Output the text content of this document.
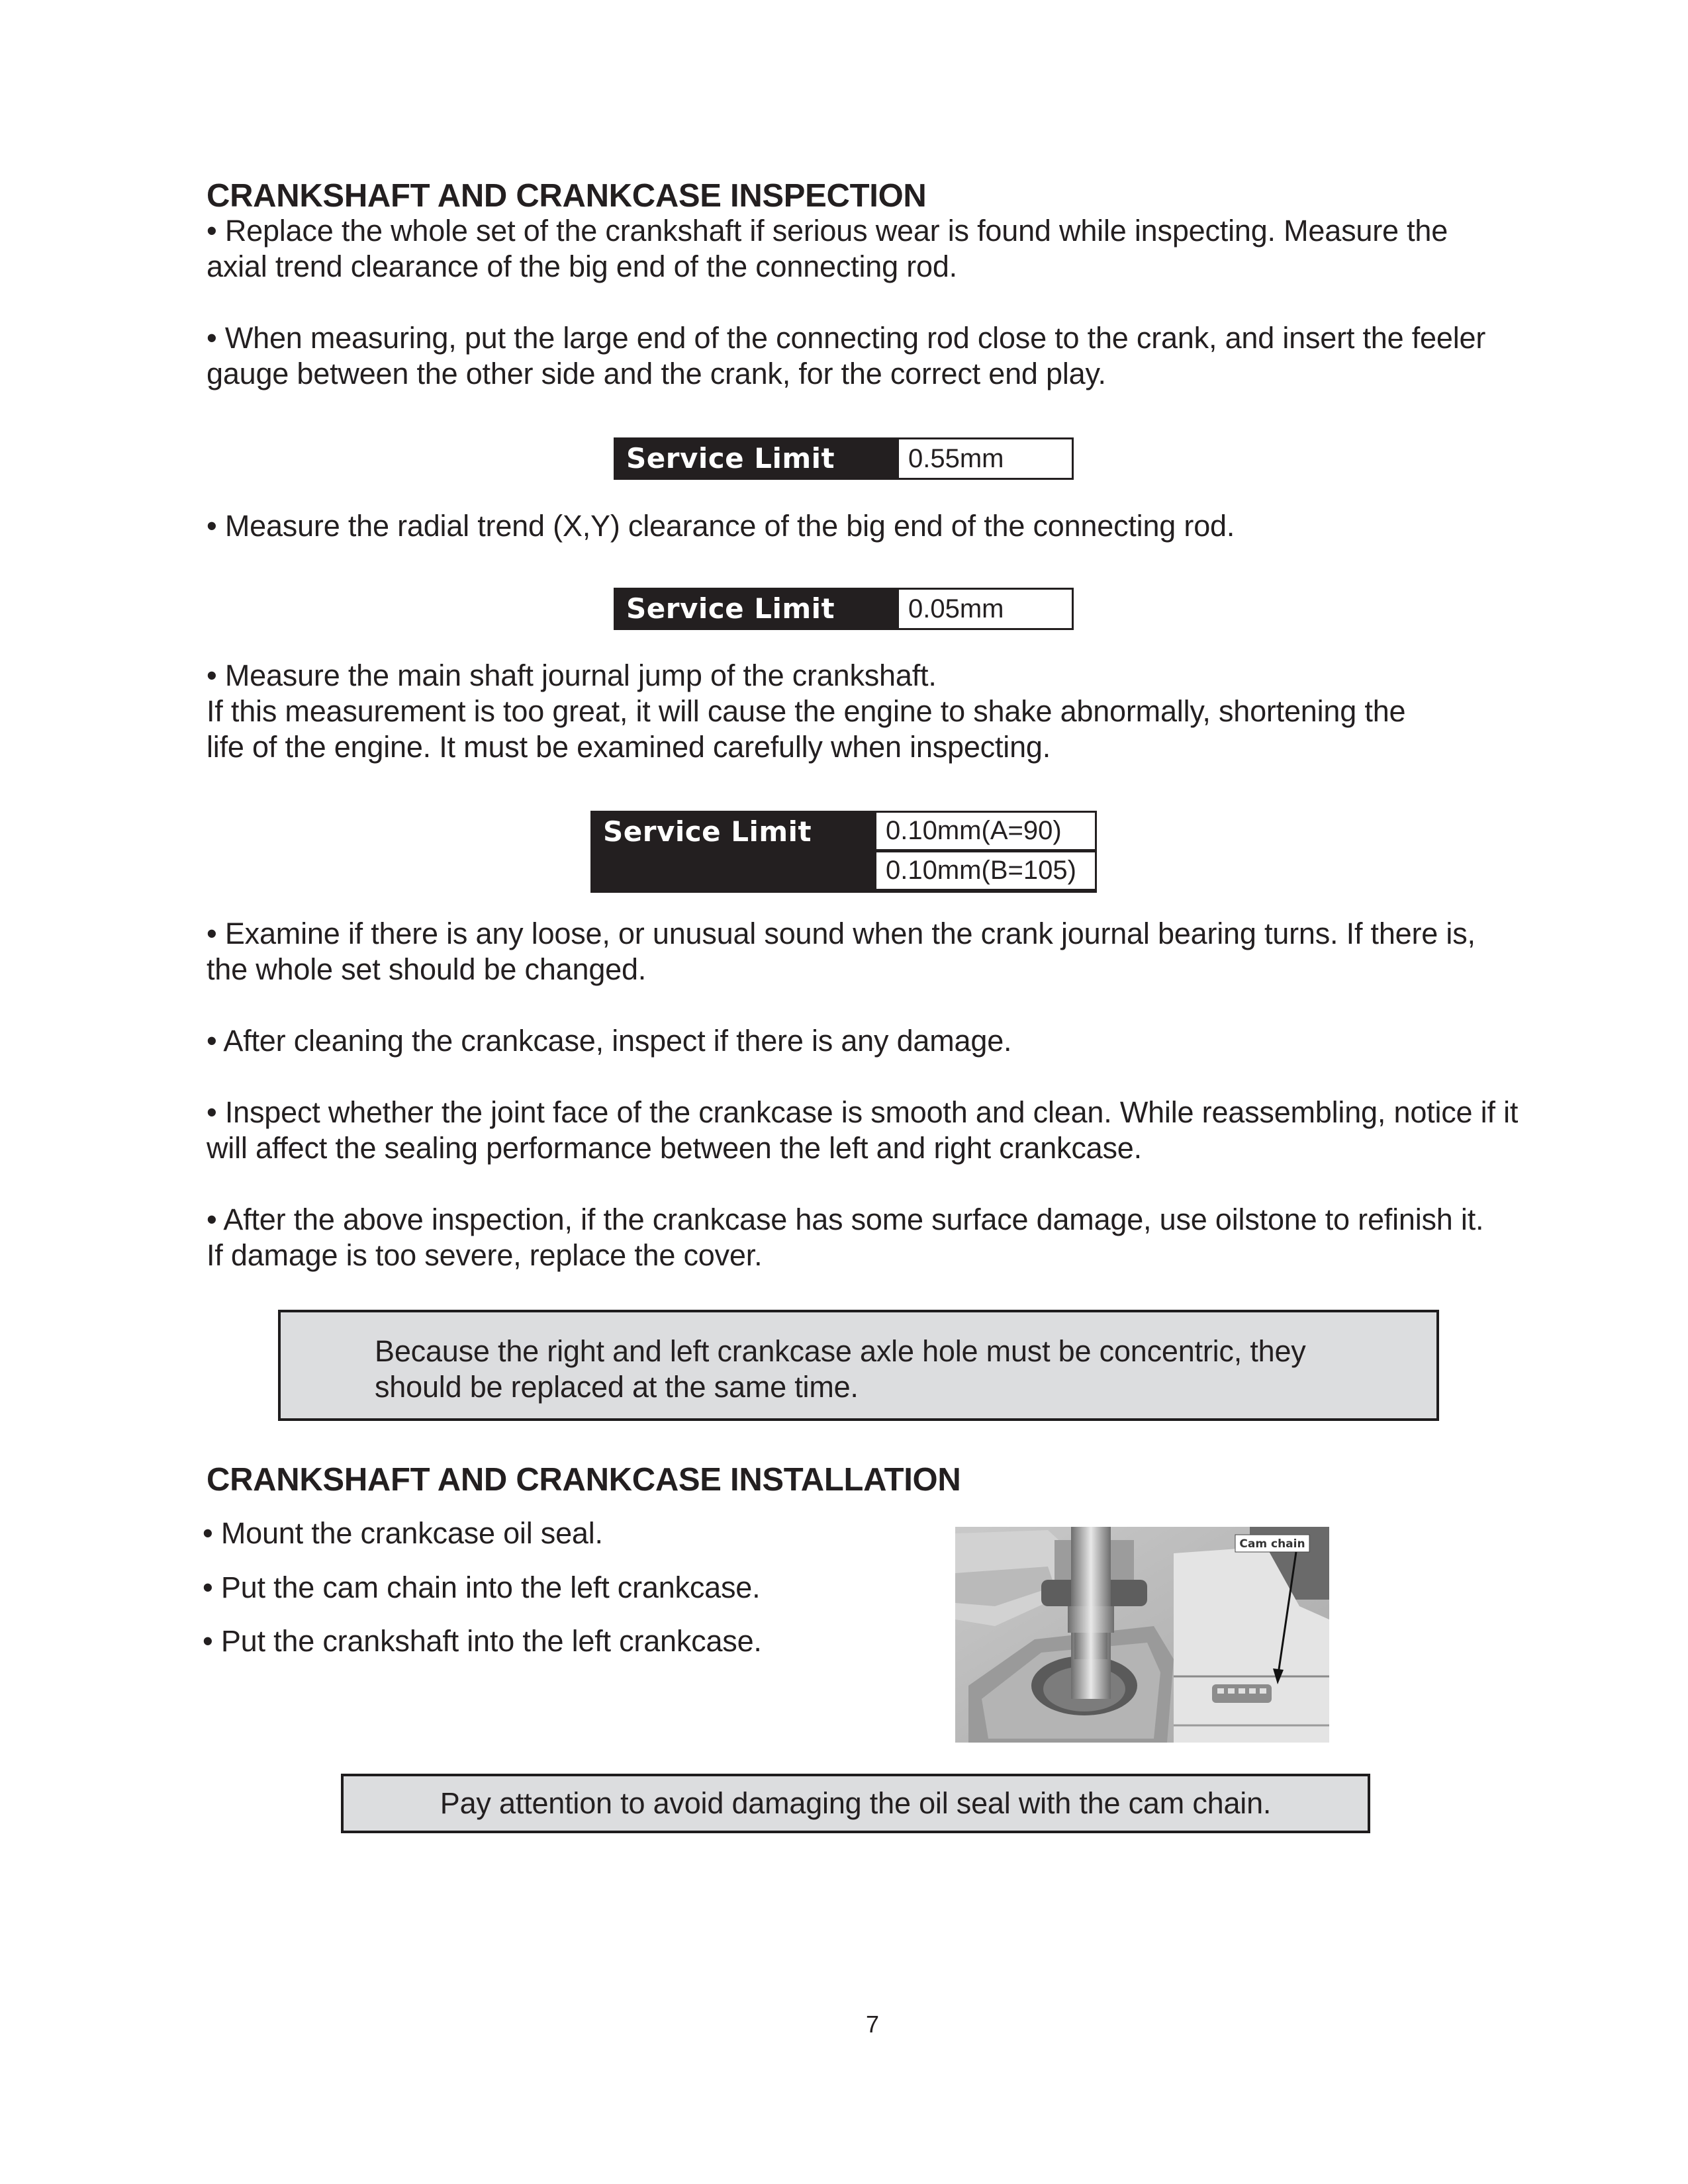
CRANKSHAFT AND CRANKCASE INSPECTION
• Replace the whole set of the crankshaft if serious wear is found while inspecting. Measure the
axial trend clearance of the big end of the connecting rod.
• When measuring, put the large end of the connecting rod close to the crank, and insert the feeler
gauge between the other side and the crank, for the correct end play.
Service Limit	0.55mm
• Measure the radial trend (X,Y) clearance of the big end of the connecting rod.
Service Limit	0.05mm
• Measure the main shaft journal jump of the crankshaft.
If this measurement is too great, it will cause the engine to shake abnormally, shortening the
life of the engine. It must be examined carefully when inspecting.
Service Limit	0.10mm(A=90)
0.10mm(B=105)
• Examine if there is any loose, or unusual sound when the crank journal bearing turns. If there is,
the whole set should be changed.
• After cleaning the crankcase, inspect if there is any damage.
• Inspect whether the joint face of the crankcase is smooth and clean. While reassembling, notice if it
will affect the sealing performance between the left and right crankcase.
• After the above inspection, if the crankcase has some surface damage, use oilstone to refinish it.
If damage is too severe, replace the cover.
Because the right and left crankcase axle hole must be concentric, they
should be replaced at the same time.
CRANKSHAFT AND CRANKCASE INSTALLATION
• Mount the crankcase oil seal.
• Put the cam chain into the left crankcase.
• Put the crankshaft into the left crankcase.
Cam chain
Pay attention to avoid damaging the oil seal with the cam chain.
7
